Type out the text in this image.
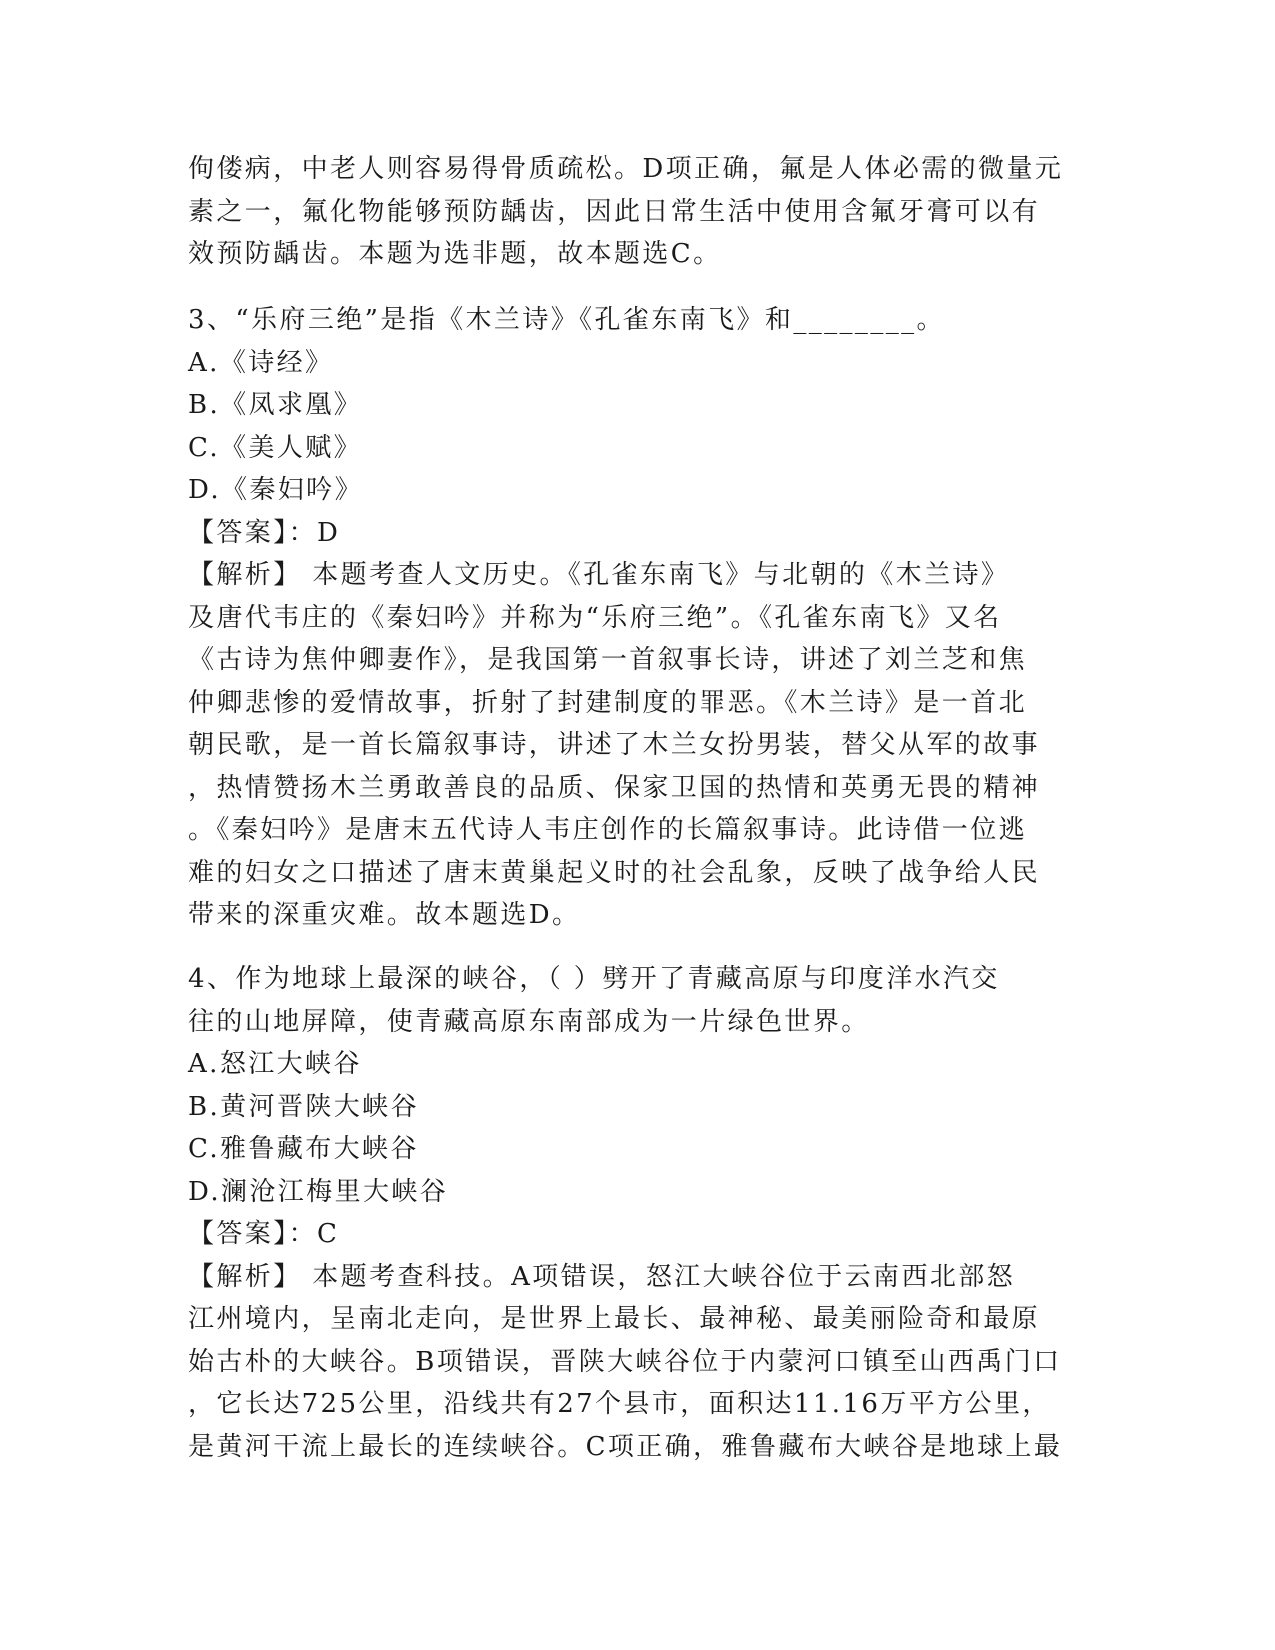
佝偻病，中老人则容易得骨质疏松。D项正确，氟是人体必需的微量元
素之一，氟化物能够预防龋齿，因此日常生活中使用含氟牙膏可以有
效预防龋齿。本题为选非题，故本题选C。
3、“乐府三绝”是指《木兰诗》《孔雀东南飞》和________。
A.《诗经》
B.《凤求凰》
C.《美人赋》
D.《秦妇吟》
【答案】：D
【解析】 本题考查人文历史。《孔雀东南飞》与北朝的《木兰诗》
及唐代韦庄的《秦妇吟》并称为“乐府三绝”。《孔雀东南飞》又名
《古诗为焦仲卿妻作》，是我国第一首叙事长诗，讲述了刘兰芝和焦
仲卿悲惨的爱情故事，折射了封建制度的罪恶。《木兰诗》是一首北
朝民歌，是一首长篇叙事诗，讲述了木兰女扮男装，替父从军的故事
，热情赞扬木兰勇敢善良的品质、保家卫国的热情和英勇无畏的精神
。《秦妇吟》是唐末五代诗人韦庄创作的长篇叙事诗。此诗借一位逃
难的妇女之口描述了唐末黄巢起义时的社会乱象，反映了战争给人民
带来的深重灾难。故本题选D。
4、作为地球上最深的峡谷，（ ）劈开了青藏高原与印度洋水汽交
往的山地屏障，使青藏高原东南部成为一片绿色世界。
A.怒江大峡谷
B.黄河晋陕大峡谷
C.雅鲁藏布大峡谷
D.澜沧江梅里大峡谷
【答案】：C
【解析】 本题考查科技。A项错误，怒江大峡谷位于云南西北部怒
江州境内，呈南北走向，是世界上最长、最神秘、最美丽险奇和最原
始古朴的大峡谷。B项错误，晋陕大峡谷位于内蒙河口镇至山西禹门口
，它长达725公里，沿线共有27个县市，面积达11.16万平方公里，
是黄河干流上最长的连续峡谷。C项正确，雅鲁藏布大峡谷是地球上最
